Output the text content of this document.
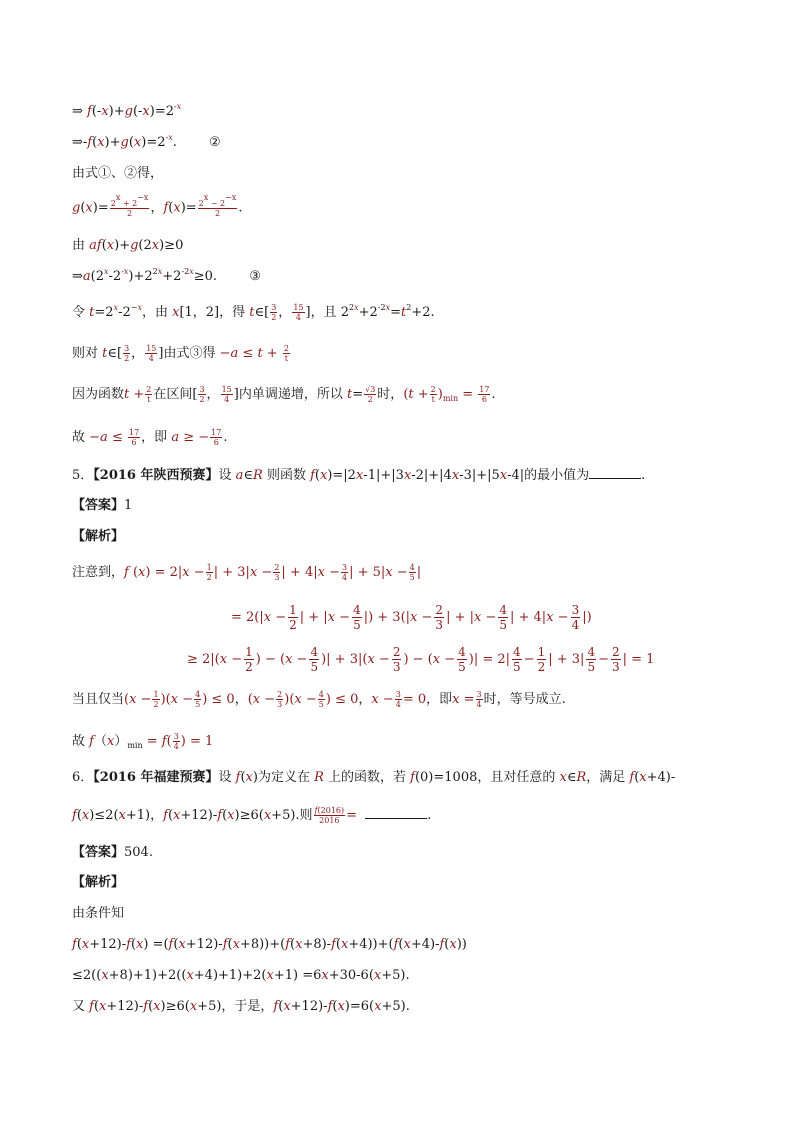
⇒ $f(-x)+g(-x)=2^{-x}$
$\Rightarrow-f(x)+g(x)=2^{-x}$. ②
由式①、②得，
$g(x)= \frac{2^x + 2^{-x}}{2}$ ，$f(x)= \frac{2^x - 2^{-x}}{2}$ .
由 af(x)+g(2x)≥0
$\Rightarrow a(2^x-2^{-x})+2^{2x}+2^{-2x}\ge 0$. ③
令 $t=2^x-2^{-x}$，由 x[1，2]，得 t∈[ $\frac{3}{2}$ ， $\frac{15}{4}$ ]，且 $2^{2x}+2^{-2x}=t^2+2$.
则对 t∈[ $\frac{3}{2}$ ， $\frac{15}{4}$ ]由式③得 $-a \le t + \frac{2}{t}$
因为函数$t + \frac{2}{t}$ 在区间[ $\frac{3}{2}$ ， $\frac{15}{4}$ ]内单调递增，所以 $t= \frac{√3}{2}$ 时，$(t + \frac{2}{t} )_{min} = \frac{17}{6}$ .
故 $-a \le \frac{17}{6}$ ，即 a ≥ − $\frac{17}{6}$ .
5．【2016 年陕西预赛】设 a∈R 则函数 f(x)=|2x-1|+|3x-2|+|4x-3|+|5x-4|的最小值为	.
【答案】1
【解析】
注意到，f $(x) = 2|x - \frac{1}{2}$ | + $3|x - \frac{2}{3}$ | + $4|x - \frac{3}{4}$ | + $5|x - \frac{4}{5}$ |
= $2(|x - \frac{1}{2}$ | + $|x - \frac{4}{5}$ |) + $3(|x - \frac{2}{3}$ | + $|x - \frac{4}{5}$ | + $4|x - \frac{3}{4}$ |)
≥ $2|(x - \frac{1}{2}$ ) − ($x - \frac{4}{5}$ )| + $3|(x - \frac{2}{3}$ ) − ($x - \frac{4}{5}$ )| = $2| \frac{4}{5} - \frac{1}{2}$ | + $3| \frac{4}{5} - \frac{2}{3}$ | = 1
当且仅当$(x - \frac{1}{2} )(x - \frac{4}{5}$ ) ≤ 0，$(x - \frac{2}{3} )(x - \frac{4}{5}$ ) ≤ 0，$x - \frac{3}{4} = 0$，即$x = \frac{3}{4}$ 时，等号成立.
故 $f(x)_{min} = f( \frac{3}{4}$ ) = 1
6．【2016 年福建预赛】设 f(x)为定义在 R 上的函数，若 f(0)=1008，且对任意的 x∈R，满足 f(x+4)-
f(x)≤2(x+1)，f(x+12)-f(x)≥6(x+5).则 $\frac{f(2016)}{2016}$ =	.
【答案】504.
【解析】
由条件知
f(x+12)-f(x) =(f(x+12)-f(x+8))+(f(x+8)-f(x+4))+(f(x+4)-f(x))
≤2((x+8)+1)+2((x+4)+1)+2(x+1) =6x+30-6(x+5).
又 f(x+12)-f(x)≥6(x+5)，于是，f(x+12)-f(x)=6(x+5).
